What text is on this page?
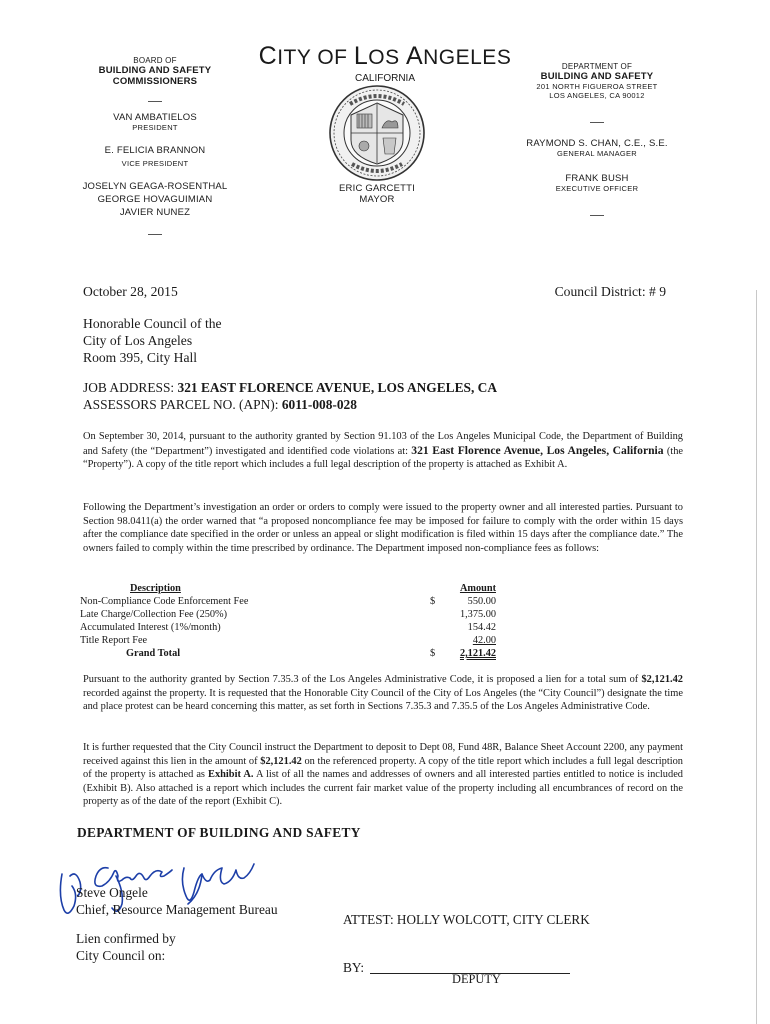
BOARD OF
BUILDING AND SAFETY
COMMISSIONERS
VAN AMBATIELOS
PRESIDENT
E. FELICIA BRANNON
VICE PRESIDENT
JOSELYN GEAGA-ROSENTHAL
GEORGE HOVAGUIMIAN
JAVIER NUNEZ
CITY OF LOS ANGELES
CALIFORNIA
ERIC GARCETTI
MAYOR
DEPARTMENT OF
BUILDING AND SAFETY
201 NORTH FIGUEROA STREET
LOS ANGELES, CA 90012
RAYMOND S. CHAN, C.E., S.E.
GENERAL MANAGER
FRANK BUSH
EXECUTIVE OFFICER
October 28, 2015	Council District: # 9
Honorable Council of the
City of Los Angeles
Room 395, City Hall
JOB ADDRESS: 321 EAST FLORENCE AVENUE, LOS ANGELES, CA
ASSESSORS PARCEL NO. (APN): 6011-008-028
On September 30, 2014, pursuant to the authority granted by Section 91.103 of the Los Angeles Municipal Code, the Department of Building and Safety (the “Department”) investigated and identified code violations at: 321 East Florence Avenue, Los Angeles, California (the “Property”). A copy of the title report which includes a full legal description of the property is attached as Exhibit A.
Following the Department’s investigation an order or orders to comply were issued to the property owner and all interested parties. Pursuant to Section 98.0411(a) the order warned that “a proposed noncompliance fee may be imposed for failure to comply with the order within 15 days after the compliance date specified in the order or unless an appeal or slight modification is filed within 15 days after the compliance date.” The owners failed to comply within the time prescribed by ordinance. The Department imposed non-compliance fees as follows:
Description		Amount
Non-Compliance Code Enforcement Fee	$	550.00
Late Charge/Collection Fee (250%)		1,375.00
Accumulated Interest (1%/month)		154.42
Title Report Fee		42.00
Grand Total	$	2,121.42
Pursuant to the authority granted by Section 7.35.3 of the Los Angeles Administrative Code, it is proposed a lien for a total sum of $2,121.42 recorded against the property. It is requested that the Honorable City Council of the City of Los Angeles (the “City Council”) designate the time and place protest can be heard concerning this matter, as set forth in Sections 7.35.3 and 7.35.5 of the Los Angeles Administrative Code.
It is further requested that the City Council instruct the Department to deposit to Dept 08, Fund 48R, Balance Sheet Account 2200, any payment received against this lien in the amount of $2,121.42 on the referenced property. A copy of the title report which includes a full legal description of the property is attached as Exhibit A. A list of all the names and addresses of owners and all interested parties entitled to notice is included (Exhibit B). Also attached is a report which includes the current fair market value of the property including all encumbrances of record on the property as of the date of the report (Exhibit C).
DEPARTMENT OF BUILDING AND SAFETY
Steve Ongele
Chief, Resource Management Bureau
ATTEST: HOLLY WOLCOTT, CITY CLERK
Lien confirmed by
City Council on:
BY:
DEPUTY
